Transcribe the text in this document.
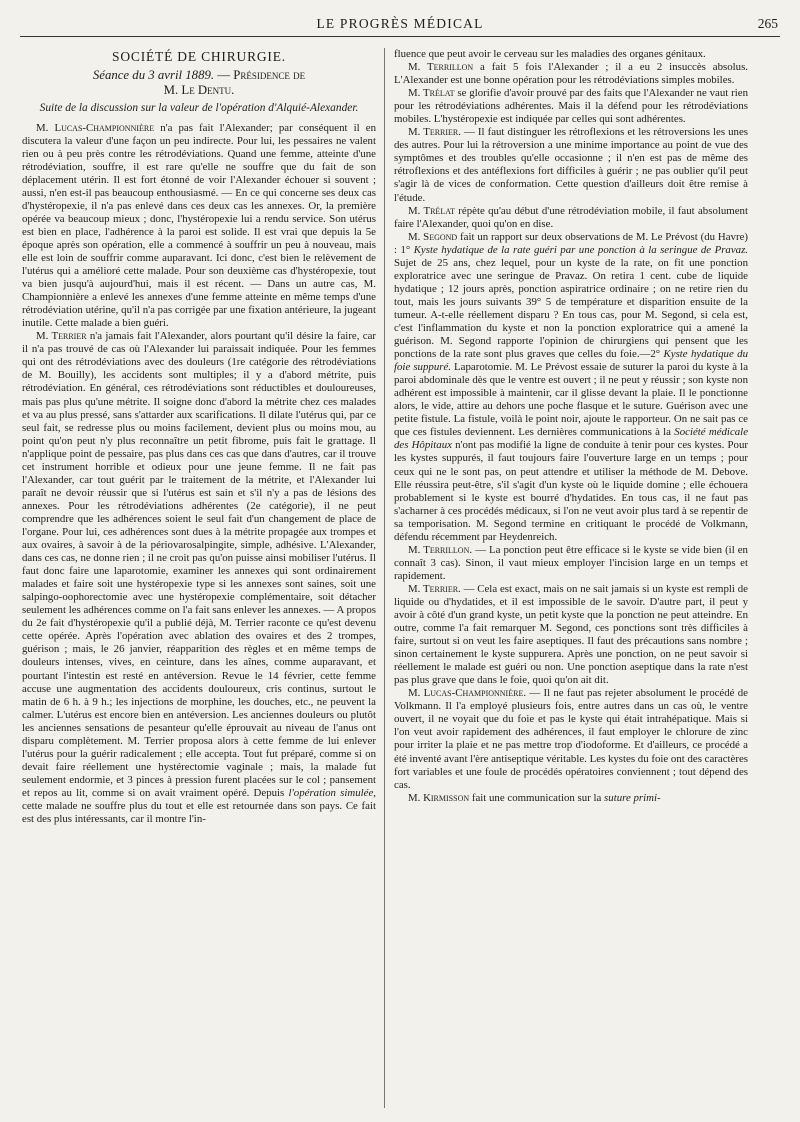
LE PROGRÈS MÉDICAL	265
SOCIÉTÉ DE CHIRURGIE.
Séance du 3 avril 1889. — Présidence de
M. Le Dentu.
Suite de la discussion sur la valeur de l'opération d'Alquié-Alexander.

M. Lucas-Championnière n'a pas fait l'Alexander; par conséquent il en discutera la valeur d'une façon un peu indirecte. Pour lui, les pessaires ne valent rien ou à peu près contre les rétrodéviations. Quand une femme, atteinte d'une rétrodéviation, souffre, il est rare qu'elle ne souffre que du fait de son déplacement utérin. Il est fort étonné de voir l'Alexander échouer si souvent ; aussi, n'en est-il pas beaucoup enthousiasmé. — En ce qui concerne ses deux cas d'hystéropexie, il n'a pas enlevé dans ces deux cas les annexes. Or, la première opérée va beaucoup mieux ; donc, l'hystéropexie lui a rendu service. Son utérus est bien en place, l'adhérence à la paroi est solide. Il est vrai que depuis la 5e époque après son opération, elle a commencé à souffrir un peu à nouveau, mais elle est loin de souffrir comme auparavant. Ici donc, c'est bien le relèvement de l'utérus qui a amélioré cette malade. Pour son deuxième cas d'hystéropexie, tout va bien jusqu'à aujourd'hui, mais il est récent. — Dans un autre cas, M. Championnière a enlevé les annexes d'une femme atteinte en même temps d'une rétrodéviation utérine, qu'il n'a pas corrigée par une fixation antérieure, la jugeant inutile. Cette malade a bien guéri.

M. Terrier n'a jamais fait l'Alexander, alors pourtant qu'il désire la faire, car il n'a pas trouvé de cas où l'Alexander lui paraissait indiquée. Pour les femmes qui ont des rétrodéviations avec des douleurs (1re catégorie des rétrodéviations de M. Bouilly), les accidents sont multiples; il y a d'abord métrite, puis rétrodéviation. En général, ces rétrodéviations sont réductibles et douloureuses, mais pas plus qu'une métrite. Il soigne donc d'abord la métrite chez ces malades et va au plus pressé, sans s'attarder aux scarifications. Il dilate l'utérus qui, par ce seul fait, se redresse plus ou moins facilement, devient plus ou moins mou, au point qu'on peut n'y plus reconnaître un petit fibrome, puis fait le grattage. Il n'applique point de pessaire, pas plus dans ces cas que dans d'autres, car il trouve cet instrument horrible et odieux pour une jeune femme. Il ne fait pas l'Alexander, car tout guérit par le traitement de la métrite, et l'Alexander lui paraît ne devoir réussir que si l'utérus est sain et s'il n'y a pas de lésions des annexes. Pour les rétrodéviations adhérentes (2e catégorie), il ne peut comprendre que les adhérences soient le seul fait d'un changement de place de l'organe. Pour lui, ces adhérences sont dues à la métrite propagée aux trompes et aux ovaires, à savoir à de la périovarosalpingite, simple, adhésive. L'Alexander, dans ces cas, ne donne rien ; il ne croit pas qu'on puisse ainsi mobiliser l'utérus. Il faut donc faire une laparotomie, examiner les annexes qui sont ordinairement malades et faire soit une hystéropexie type si les annexes sont saines, soit une salpingo-oophorectomie avec une hystéropexie complémentaire, soit détacher seulement les adhérences comme on l'a fait sans enlever les annexes. — A propos du 2e fait d'hystéropexie qu'il a publié déjà, M. Terrier raconte ce qu'est devenu cette opérée. Après l'opération avec ablation des ovaires et des 2 trompes, guérison ; mais, le 26 janvier, réapparition des règles et en même temps de douleurs intenses, vives, en ceinture, dans les aînes, comme auparavant, et pourtant l'intestin est resté en antéversion. Revue le 14 février, cette femme accuse une augmentation des accidents douloureux, cris continus, surtout le matin de 6 h. à 9 h.; les injections de morphine, les douches, etc., ne peuvent la calmer. L'utérus est encore bien en antéversion. Les anciennes douleurs ou plutôt les anciennes sensations de pesanteur qu'elle éprouvait au niveau de l'anus ont disparu complètement. M. Terrier proposa alors à cette femme de lui enlever l'utérus pour la guérir radicalement ; elle accepta. Tout fut préparé, comme si on devait faire réellement une hystérectomie vaginale ; mais, la malade fut seulement endormie, et 3 pinces à pression furent placées sur le col ; pansement et repos au lit, comme si on avait vraiment opéré. Depuis l'opération simulée, cette malade ne souffre plus du tout et elle est retournée dans son pays. Ce fait est des plus intéressants, car il montre l'in-

fluence que peut avoir le cerveau sur les maladies des organes génitaux.

M. Terrillon a fait 5 fois l'Alexander ; il a eu 2 insuccès absolus. L'Alexander est une bonne opération pour les rétrodéviations simples mobiles.

M. Trélat se glorifie d'avoir prouvé par des faits que l'Alexander ne vaut rien pour les rétrodéviations adhérentes. Mais il la défend pour les rétrodéviations mobiles. L'hystéropexie est indiquée par celles qui sont adhérentes.

M. Terrier. — Il faut distinguer les rétroflexions et les rétroversions les unes des autres. Pour lui la rétroversion a une minime importance au point de vue des symptômes et des troubles qu'elle occasionne ; il n'en est pas de même des rétroflexions et des antéflexions fort difficiles à guérir ; ne pas oublier qu'il peut s'agir là de vices de conformation. Cette question d'ailleurs doit être remise à l'étude.

M. Trélat répète qu'au début d'une rétrodéviation mobile, il faut absolument faire l'Alexander, quoi qu'on en dise.

M. Segond fait un rapport sur deux observations de M. Le Prévost (du Havre) : 1° Kyste hydatique de la rate guéri par une ponction à la seringue de Pravaz. Sujet de 25 ans, chez lequel, pour un kyste de la rate, on fit une ponction exploratrice avec une seringue de Pravaz. On retira 1 cent. cube de liquide hydatique ; 12 jours après, ponction aspiratrice ordinaire ; on ne retire rien du tout, mais les jours suivants 39° 5 de température et disparition ensuite de la tumeur. A-t-elle réellement disparu ? En tous cas, pour M. Segond, si cela est, c'est l'inflammation du kyste et non la ponction exploratrice qui a amené la guérison. M. Segond rapporte l'opinion de chirurgiens qui pensent que les ponctions de la rate sont plus graves que celles du foie.—2° Kyste hydatique du foie suppuré. Laparotomie. M. Le Prévost essaie de suturer la paroi du kyste à la paroi abdominale dès que le ventre est ouvert ; il ne peut y réussir ; son kyste non adhérent est impossible à maintenir, car il glisse devant la plaie. Il le ponctionne alors, le vide, attire au dehors une poche flasque et le suture. Guérison avec une petite fistule. La fistule, voilà le point noir, ajoute le rapporteur. On ne sait pas ce que ces fistules deviennent. Les dernières communications à la Société médicale des Hôpitaux n'ont pas modifié la ligne de conduite à tenir pour ces kystes. Pour les kystes suppurés, il faut toujours faire l'ouverture large en un temps ; pour ceux qui ne le sont pas, on peut attendre et utiliser la méthode de M. Debove. Elle réussira peut-être, s'il s'agit d'un kyste où le liquide domine ; elle échouera probablement si le kyste est bourré d'hydatides. En tous cas, il ne faut pas s'acharner à ces procédés médicaux, si l'on ne veut avoir plus tard à se repentir de sa temporisation. M. Segond termine en critiquant le procédé de Volkmann, défendu récemment par Heydenreich.

M. Terrillon. — La ponction peut être efficace si le kyste se vide bien (il en connaît 3 cas). Sinon, il vaut mieux employer l'incision large en un temps et rapidement.

M. Terrier. — Cela est exact, mais on ne sait jamais si un kyste est rempli de liquide ou d'hydatides, et il est impossible de le savoir. D'autre part, il peut y avoir à côté d'un grand kyste, un petit kyste que la ponction ne peut atteindre. En outre, comme l'a fait remarquer M. Segond, ces ponctions sont très difficiles à faire, surtout si on veut les faire aseptiques. Il faut des précautions sans nombre ; sinon certainement le kyste suppurera. Après une ponction, on ne peut savoir si réellement le malade est guéri ou non. Une ponction aseptique dans la rate n'est pas plus grave que dans le foie, quoi qu'on ait dit.

M. Lucas-Championnière. — Il ne faut pas rejeter absolument le procédé de Volkmann. Il l'a employé plusieurs fois, entre autres dans un cas où, le ventre ouvert, il ne voyait que du foie et pas le kyste qui était intrahépatique. Mais si l'on veut avoir rapidement des adhérences, il faut employer le chlorure de zinc pour irriter la plaie et ne pas mettre trop d'iodoforme. Et d'ailleurs, ce procédé a été inventé avant l'ère antiseptique véritable. Les kystes du foie ont des caractères fort variables et une foule de procédés opératoires conviennent ; tout dépend des cas.

M. Kirmisson fait une communication sur la suture primi-
